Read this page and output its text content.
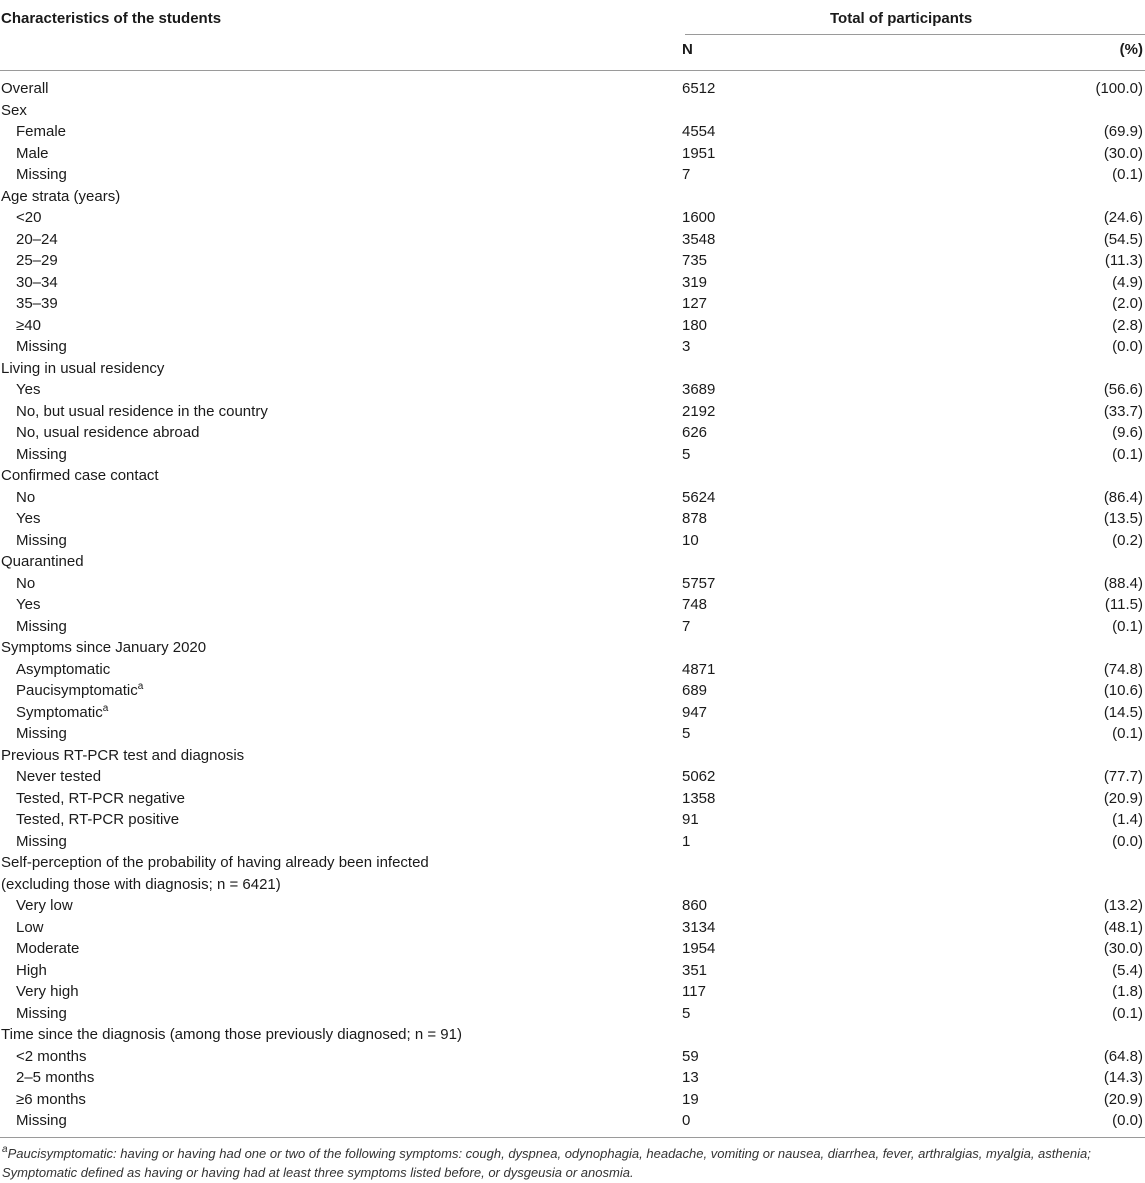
Characteristics of the students	Total of participants
N	(%)
Overall	6512	(100.0)
Sex
Female	4554	(69.9)
Male	1951	(30.0)
Missing	7	(0.1)
Age strata (years)
<20	1600	(24.6)
20–24	3548	(54.5)
25–29	735	(11.3)
30–34	319	(4.9)
35–39	127	(2.0)
≥40	180	(2.8)
Missing	3	(0.0)
Living in usual residency
Yes	3689	(56.6)
No, but usual residence in the country	2192	(33.7)
No, usual residence abroad	626	(9.6)
Missing	5	(0.1)
Confirmed case contact
No	5624	(86.4)
Yes	878	(13.5)
Missing	10	(0.2)
Quarantined
No	5757	(88.4)
Yes	748	(11.5)
Missing	7	(0.1)
Symptoms since January 2020
Asymptomatic	4871	(74.8)
Paucisymptomatic$^a$	689	(10.6)
Symptomatic$^a$	947	(14.5)
Missing	5	(0.1)
Previous RT-PCR test and diagnosis
Never tested	5062	(77.7)
Tested, RT-PCR negative	1358	(20.9)
Tested, RT-PCR positive	91	(1.4)
Missing	1	(0.0)
Self-perception of the probability of having already been infected
(excluding those with diagnosis; n = 6421)
Very low	860	(13.2)
Low	3134	(48.1)
Moderate	1954	(30.0)
High	351	(5.4)
Very high	117	(1.8)
Missing	5	(0.1)
Time since the diagnosis (among those previously diagnosed; n = 91)
<2 months	59	(64.8)
2–5 months	13	(14.3)
≥6 months	19	(20.9)
Missing	0	(0.0)

$^a$Paucisymptomatic: having or having had one or two of the following symptoms: cough, dyspnea, odynophagia, headache, vomiting or nausea, diarrhea, fever, arthralgias, myalgia, asthenia; Symptomatic defined as having or having had at least three symptoms listed before, or dysgeusia or anosmia.
